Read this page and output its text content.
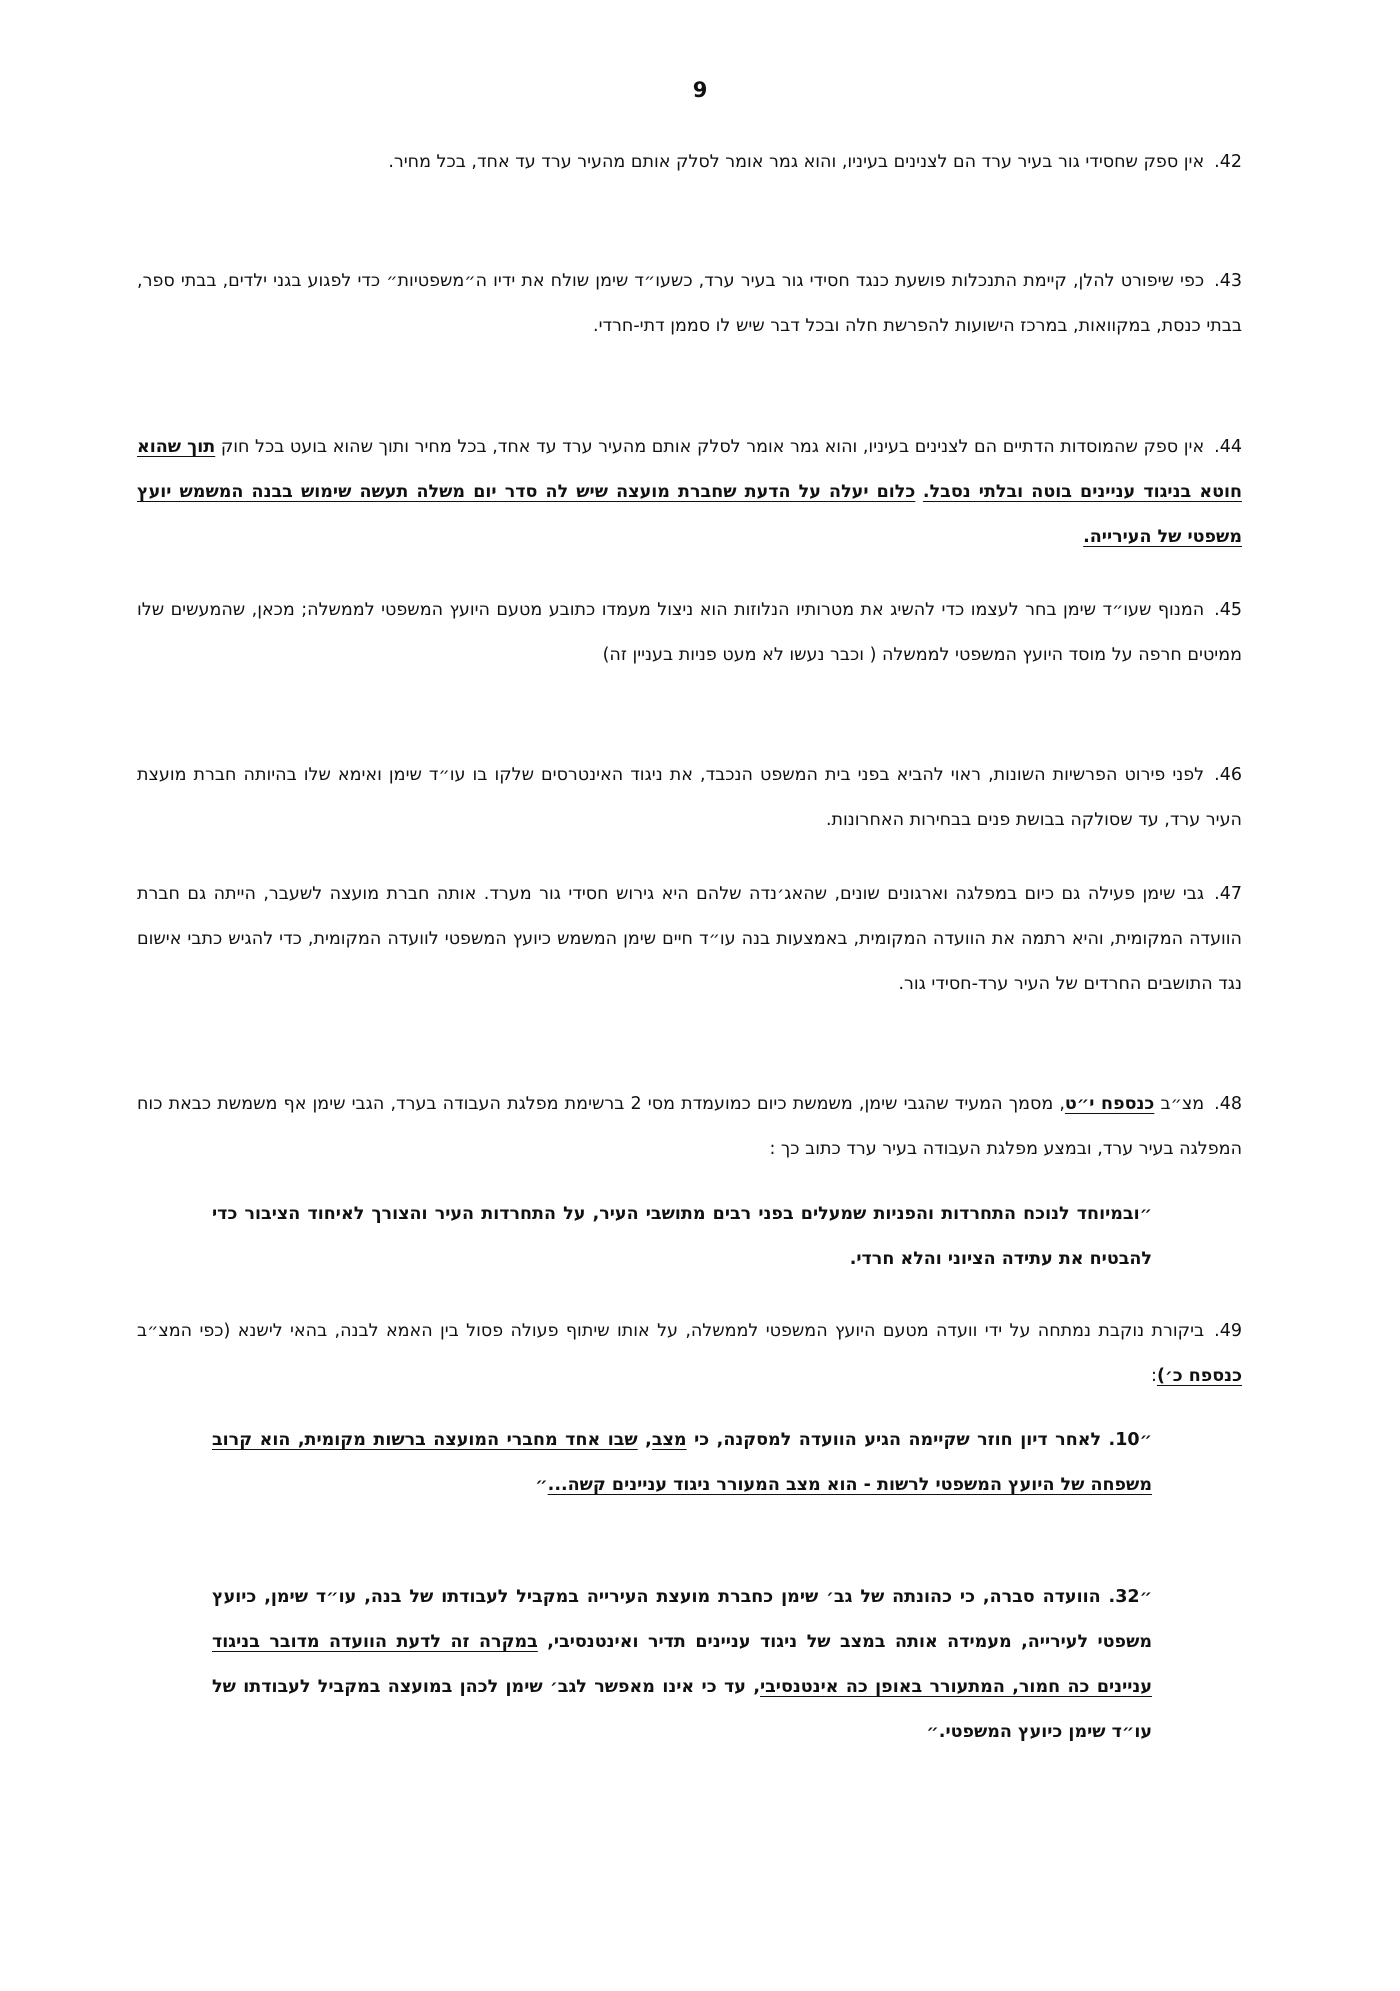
9
42.
אין ספק שחסידי גור בעיר ערד הם לצנינים בעיניו, והוא גמר אומר לסלק אותם מהעיר ערד עד אחד, בכל מחיר.
43.
כפי שיפורט להלן, קיימת התנכלות פושעת כנגד חסידי גור בעיר ערד, כשעו״ד שימן שולח את ידיו ה״משפטיות״ כדי לפגוע בגני ילדים, בבתי ספר, בבתי כנסת, במקוואות, במרכז הישועות להפרשת חלה ובכל דבר שיש לו סממן דתי-חרדי.
44.
אין ספק שהמוסדות הדתיים הם לצנינים בעיניו, והוא גמר אומר לסלק אותם מהעיר ערד עד אחד, בכל מחיר ותוך שהוא בועט בכל חוק תוך שהוא חוטא בניגוד עניינים בוטה ובלתי נסבל. כלום יעלה על הדעת שחברת מועצה שיש לה סדר יום משלה תעשה שימוש בבנה המשמש יועץ משפטי של העירייה.
45.
המנוף שעו״ד שימן בחר לעצמו כדי להשיג את מטרותיו הנלוזות הוא ניצול מעמדו כתובע מטעם היועץ המשפטי לממשלה; מכאן, שהמעשים שלו ממיטים חרפה על מוסד היועץ המשפטי לממשלה ( וכבר נעשו לא מעט פניות בעניין זה)
46.
לפני פירוט הפרשיות השונות, ראוי להביא בפני בית המשפט הנכבד, את ניגוד האינטרסים שלקו בו עו״ד שימן ואימא שלו בהיותה חברת מועצת העיר ערד, עד שסולקה בבושת פנים בבחירות האחרונות.
47.
גבי שימן פעילה גם כיום במפלגה וארגונים שונים, שהאג׳נדה שלהם היא גירוש חסידי גור מערד. אותה חברת מועצה לשעבר, הייתה גם חברת הוועדה המקומית, והיא רתמה את הוועדה המקומית, באמצעות בנה עו״ד חיים שימן המשמש כיועץ המשפטי לוועדה המקומית, כדי להגיש כתבי אישום נגד התושבים החרדים של העיר ערד-חסידי גור.
48.
מצ״ב כנספח י״ט, מסמך המעיד שהגבי שימן, משמשת כיום כמועמדת מסי 2 ברשימת מפלגת העבודה בערד, הגבי שימן אף משמשת כבאת כוח המפלגה בעיר ערד, ובמצע מפלגת העבודה בעיר ערד כתוב כך :
״ובמיוחד לנוכח התחרדות והפניות שמעלים בפני רבים מתושבי העיר, על התחרדות העיר והצורך לאיחוד הציבור כדי להבטיח את עתידה הציוני והלא חרדי.
49.
ביקורת נוקבת נמתחה על ידי וועדה מטעם היועץ המשפטי לממשלה, על אותו שיתוף פעולה פסול בין האמא לבנה, בהאי לישנא (כפי המצ״ב כנספח כ׳):
״10. לאחר דיון חוזר שקיימה הגיע הוועדה למסקנה, כי מצב, שבו אחד מחברי המועצה ברשות מקומית, הוא קרוב משפחה של היועץ המשפטי לרשות - הוא מצב המעורר ניגוד עניינים קשה...״
״32. הוועדה סברה, כי כהונתה של גב׳ שימן כחברת מועצת העירייה במקביל לעבודתו של בנה, עו״ד שימן, כיועץ משפטי לעירייה, מעמידה אותה במצב של ניגוד עניינים תדיר ואינטנסיבי, במקרה זה לדעת הוועדה מדובר בניגוד עניינים כה חמור, המתעורר באופן כה אינטנסיבי, עד כי אינו מאפשר לגב׳ שימן לכהן במועצה במקביל לעבודתו של עו״ד שימן כיועץ המשפטי.״
